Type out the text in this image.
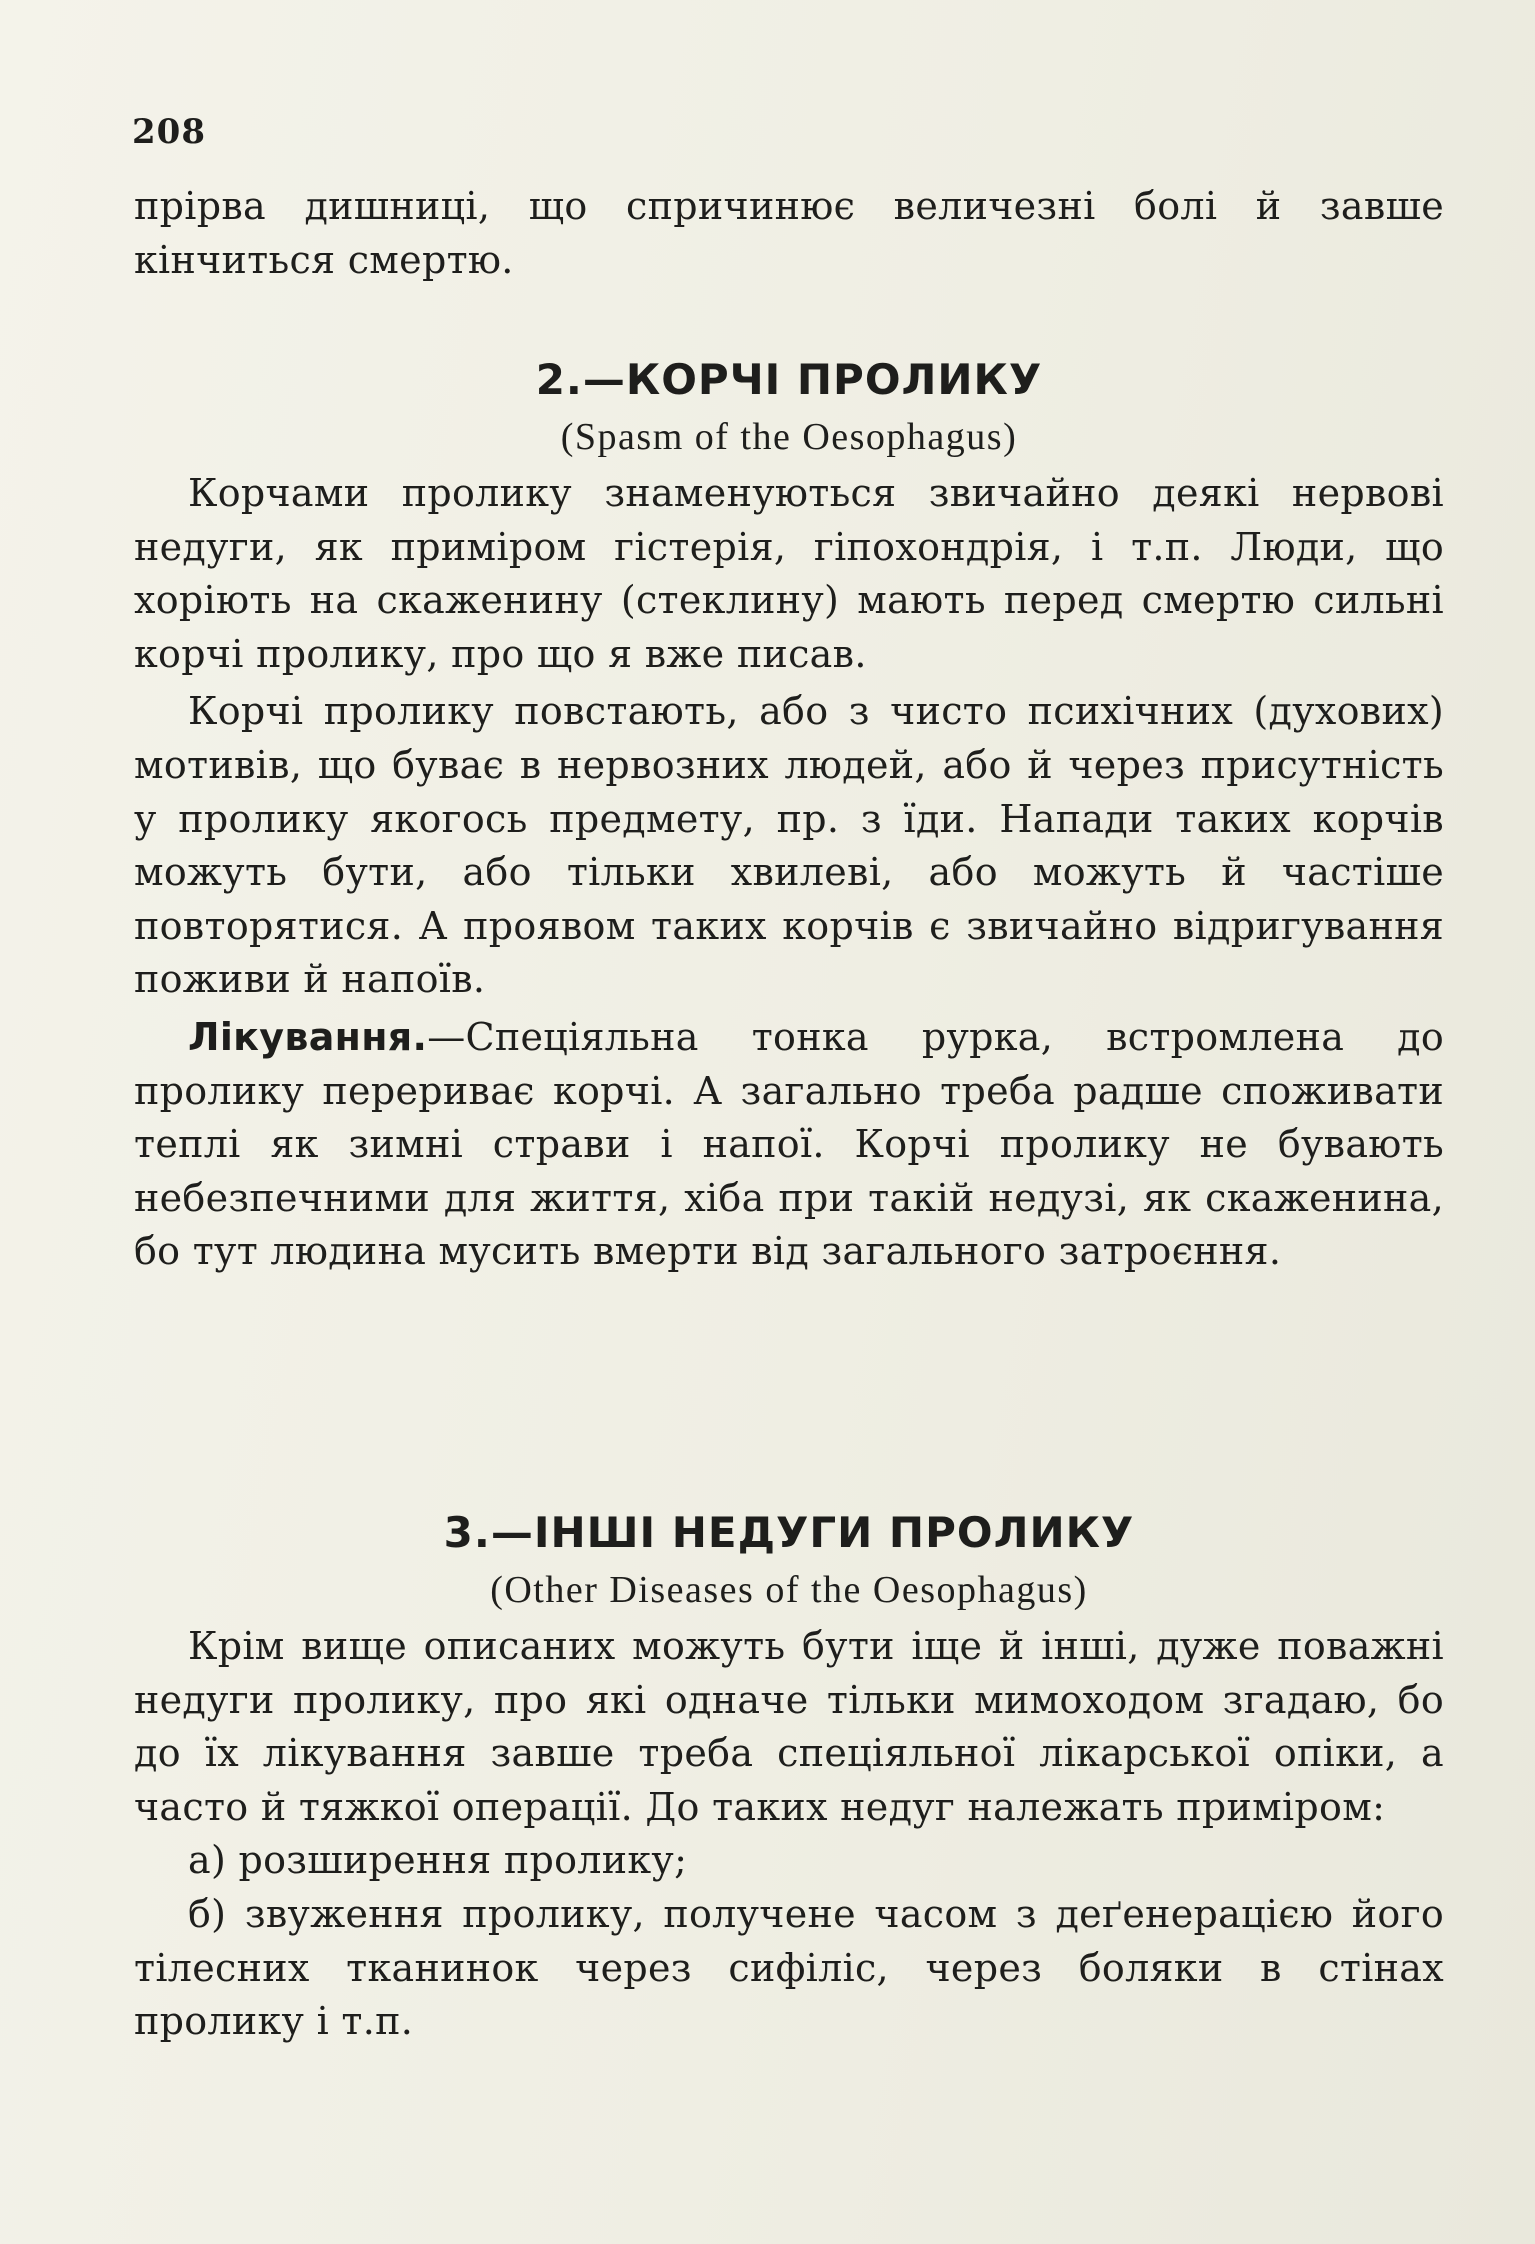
208
прірва дишниці, що спричинює величезні болі й завше кінчиться смертю.
2.—КОРЧІ ПРОЛИКУ
(Spasm of the Oesophagus)
Корчами пролику знаменуються звичайно деякі нервові недуги, як приміром гістерія, гіпохондрія, і т.п. Люди, що хоріють на скаженину (стеклину) мають перед смертю сильні корчі пролику, про що я вже писав.
Корчі пролику повстають, або з чисто психічних (духових) мотивів, що буває в нервозних людей, або й через присутність у пролику якогось предмету, пр. з їди. Напади таких корчів можуть бути, або тільки хвилеві, або можуть й частіше повторятися. А проявом таких корчів є звичайно відригування поживи й напоїв.
Лікування.—Спеціяльна тонка рурка, встромлена до пролику перериває корчі. А загально треба радше споживати теплі як зимні страви і напої. Корчі пролику не бувають небезпечними для життя, хіба при такій недузі, як скаженина, бо тут людина мусить вмерти від загального затроєння.
3.—ІНШІ НЕДУГИ ПРОЛИКУ
(Other Diseases of the Oesophagus)
Крім вище описаних можуть бути іще й інші, дуже поважні недуги пролику, про які одначе тільки мимоходом згадаю, бо до їх лікування завше треба спеціяльної лікарської опіки, а часто й тяжкої операції. До таких недуг належать приміром:
а) розширення пролику;
б) звуження пролику, получене часом з деґенерацією його тілесних тканинок через сифіліс, через боляки в стінах пролику і т.п.
